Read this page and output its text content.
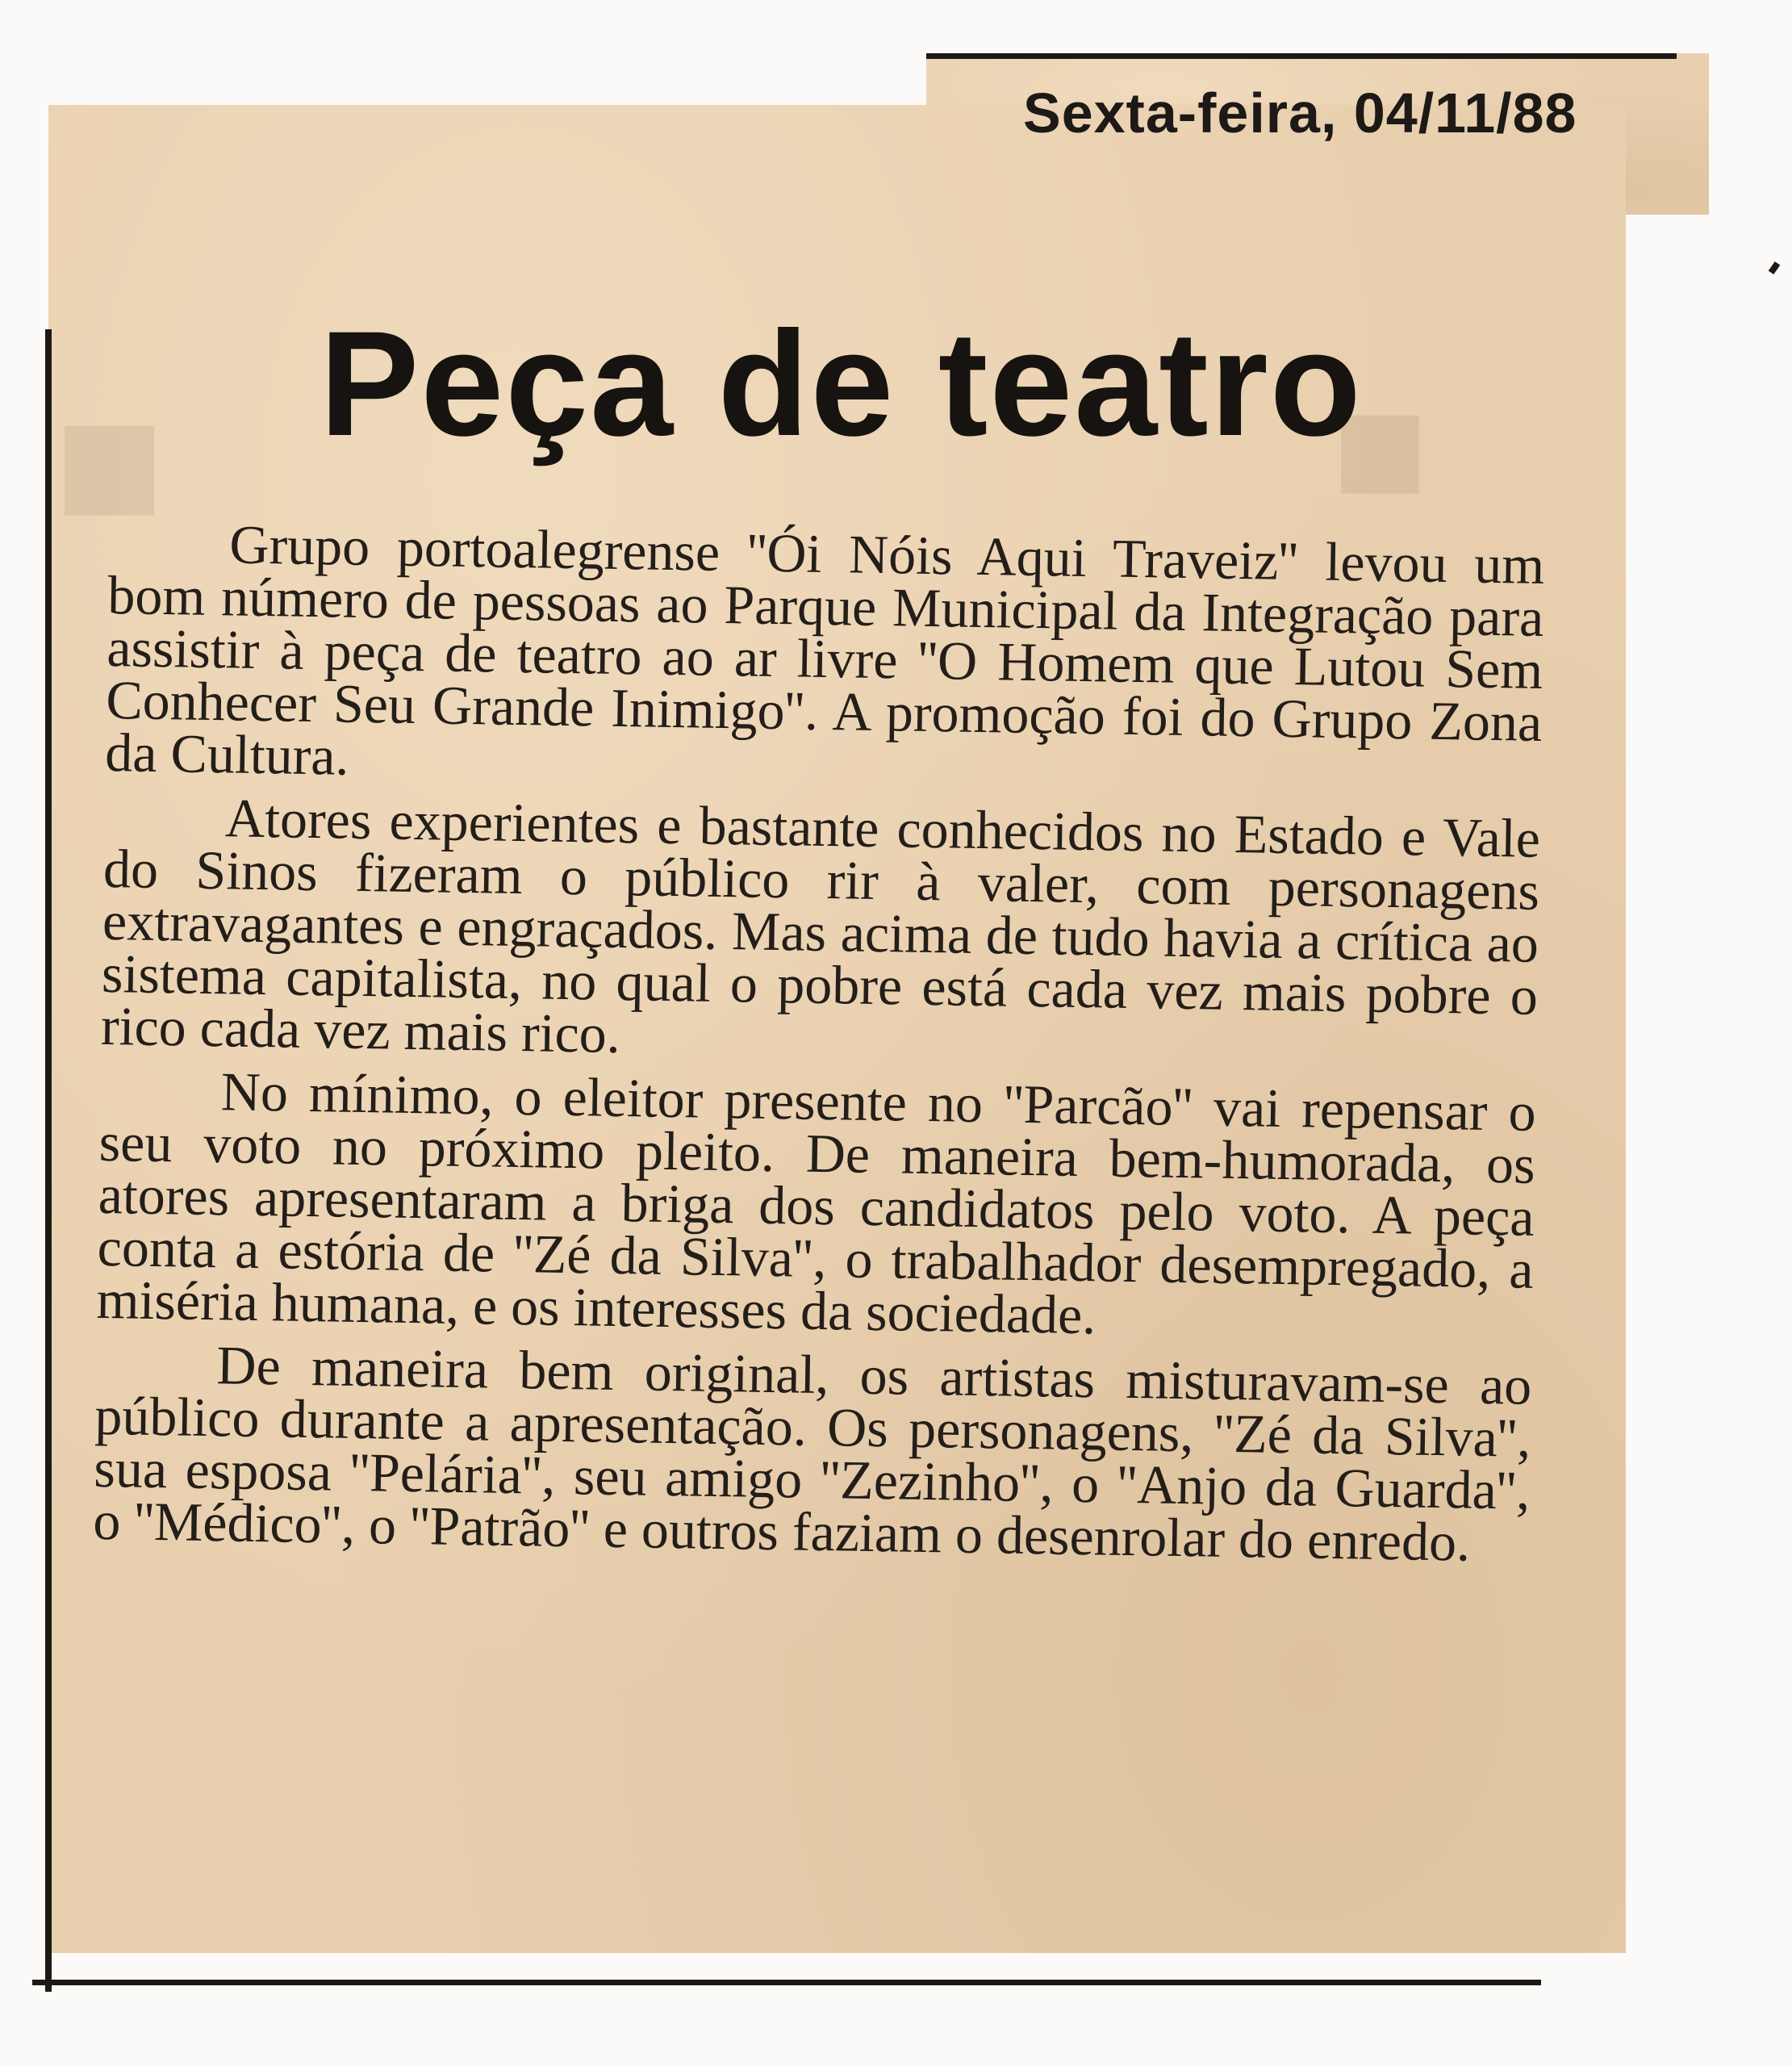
■	■

Sexta-feira, 04/11/88

Peça de teatro

Grupo portoalegrense ''Ói Nóis Aqui Traveiz'' levou um bom número de pessoas ao Parque Municipal da Integração para assistir à peça de teatro ao ar livre ''O Homem que Lutou Sem Conhecer Seu Grande Inimigo''. A promoção foi do Grupo Zona da Cultura.

Atores experientes e bastante conhecidos no Estado e Vale do Sinos fizeram o público rir à valer, com personagens extravagantes e engraçados. Mas acima de tudo havia a crítica ao sistema capitalista, no qual o pobre está cada vez mais pobre o rico cada vez mais rico.

No mínimo, o eleitor presente no ''Parcão'' vai repensar o seu voto no próximo pleito. De maneira bem-humorada, os atores apresentaram a briga dos candidatos pelo voto. A peça conta a estória de ''Zé da Silva'', o trabalhador desempregado, a miséria humana, e os interesses da sociedade.

De maneira bem original, os artistas misturavam-se ao público durante a apresentação. Os personagens, ''Zé da Silva'', sua esposa ''Pelária'', seu amigo ''Zezinho'', o ''Anjo da Guarda'', o ''Médico'', o ''Patrão'' e outros faziam o desenrolar do enredo.
